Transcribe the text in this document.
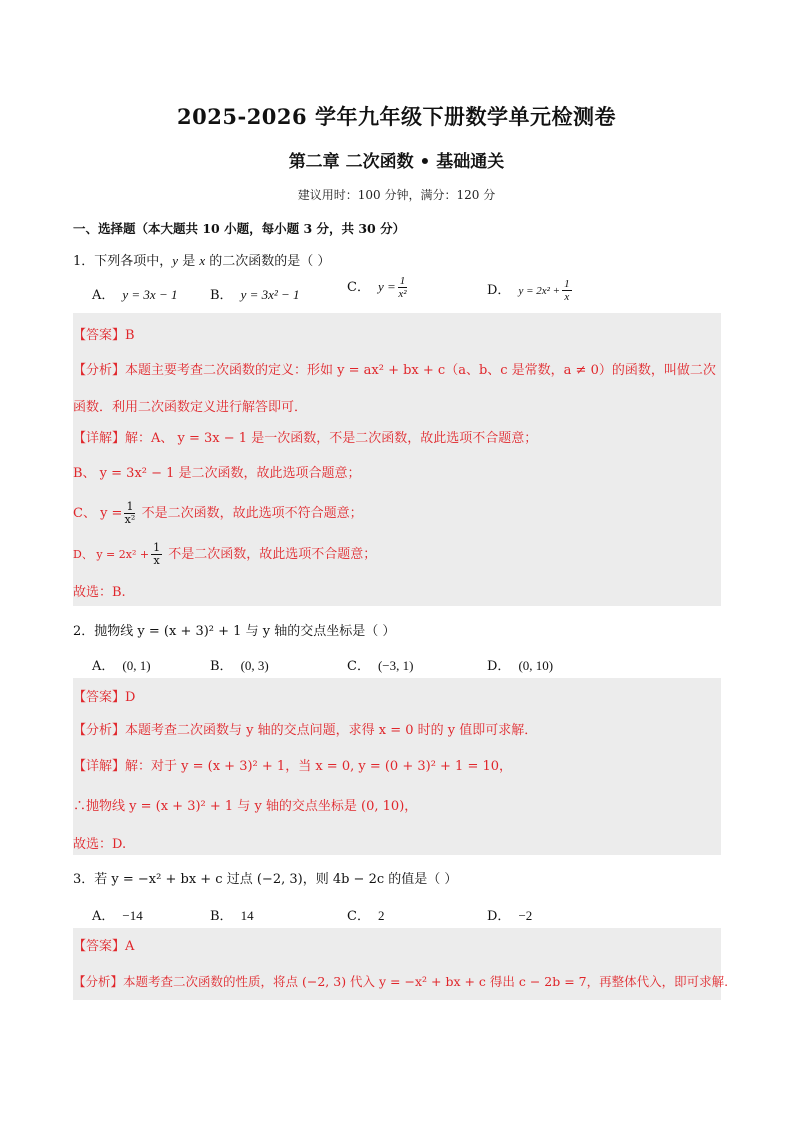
2025-2026 学年九年级下册数学单元检测卷
第二章 二次函数 • 基础通关
建议用时：100 分钟，满分：120 分
一、选择题（本大题共 10 小题，每小题 3 分，共 30 分）
1．下列各项中，y 是 x 的二次函数的是（ ）
A． y = 3x − 1	B． y = 3x² − 1	C． $y = \frac{1}{\text{x²}}$	D． $y = 2x^2 + \frac{1}{x}$
【答案】B
【分析】本题主要考查二次函数的定义：形如 y = ax² + bx + c（a、b、c 是常数，a ≠ 0）的函数，叫做二次
函数．利用二次函数定义进行解答即可．
【详解】解：A、 y = 3x − 1 是一次函数，不是二次函数，故此选项不合题意；
B、 y = 3x² − 1 是二次函数，故此选项合题意；
C、 $y = \frac{1}{\text{x²}}$ 不是二次函数，故此选项不符合题意；
D、 $y = 2x^2 + \frac{1}{x}$ 不是二次函数，故此选项不合题意；
故选：B.
2．抛物线 y = (x + 3)² + 1 与 y 轴的交点坐标是（ ）
A． (0, 1)	B． (0, 3)	C． (−3, 1)	D． (0, 10)
【答案】D
【分析】本题考查二次函数与 y 轴的交点问题，求得 x = 0 时的 y 值即可求解．
【详解】解：对于 y = (x + 3)² + 1，当 x = 0, y = (0 + 3)² + 1 = 10，
∴抛物线 y = (x + 3)² + 1 与 y 轴的交点坐标是 (0, 10)，
故选：D.
3．若 y = −x² + bx + c 过点 (−2, 3)，则 4b − 2c 的值是（ ）
A． −14	B． 14	C． 2	D． −2
【答案】A
【分析】本题考查二次函数的性质，将点 (−2, 3) 代入 y = −x² + bx + c 得出 c − 2b = 7，再整体代入，即可求解.
